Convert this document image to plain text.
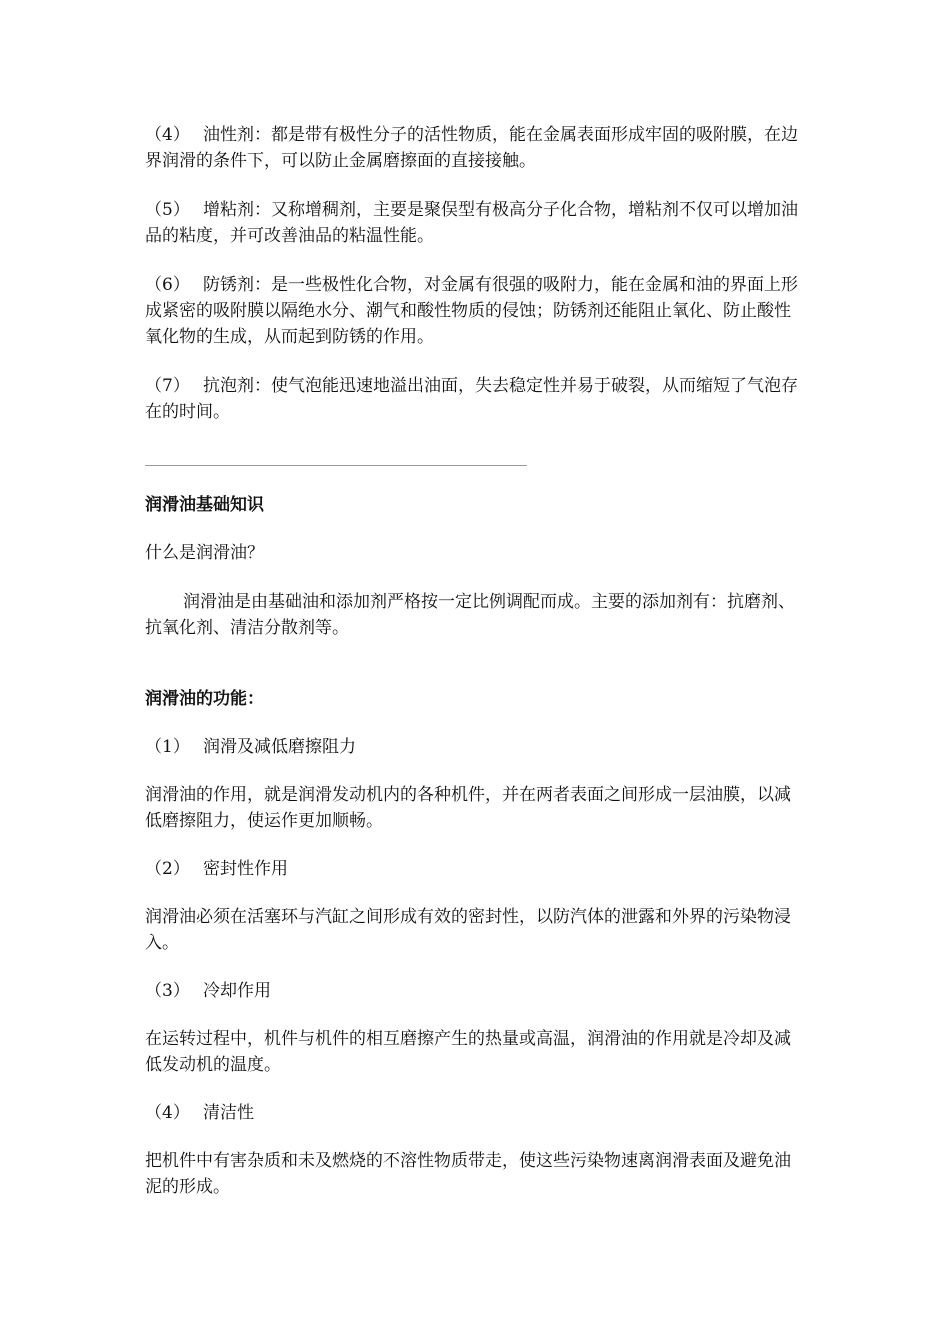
（4） 油性剂：都是带有极性分子的活性物质，能在金属表面形成牢固的吸附膜，在边界润滑的条件下，可以防止金属磨擦面的直接接触。

（5） 增粘剂：又称增稠剂，主要是聚俣型有极高分子化合物，增粘剂不仅可以增加油品的粘度，并可改善油品的粘温性能。

（6） 防锈剂：是一些极性化合物，对金属有很强的吸附力，能在金属和油的界面上形成紧密的吸附膜以隔绝水分、潮气和酸性物质的侵蚀；防锈剂还能阻止氧化、防止酸性氧化物的生成，从而起到防锈的作用。

（7） 抗泡剂：使气泡能迅速地溢出油面，失去稳定性并易于破裂，从而缩短了气泡存在的时间。

润滑油基础知识

什么是润滑油？

润滑油是由基础油和添加剂严格按一定比例调配而成。主要的添加剂有：抗磨剂、抗氧化剂、清洁分散剂等。

润滑油的功能：

（1） 润滑及减低磨擦阻力

润滑油的作用，就是润滑发动机内的各种机件，并在两者表面之间形成一层油膜，以减低磨擦阻力，使运作更加顺畅。

（2） 密封性作用

润滑油必须在活塞环与汽缸之间形成有效的密封性，以防汽体的泄露和外界的污染物浸入。

（3） 冷却作用

在运转过程中，机件与机件的相互磨擦产生的热量或高温，润滑油的作用就是冷却及减低发动机的温度。

（4） 清洁性

把机件中有害杂质和未及燃烧的不溶性物质带走，使这些污染物速离润滑表面及避免油泥的形成。
